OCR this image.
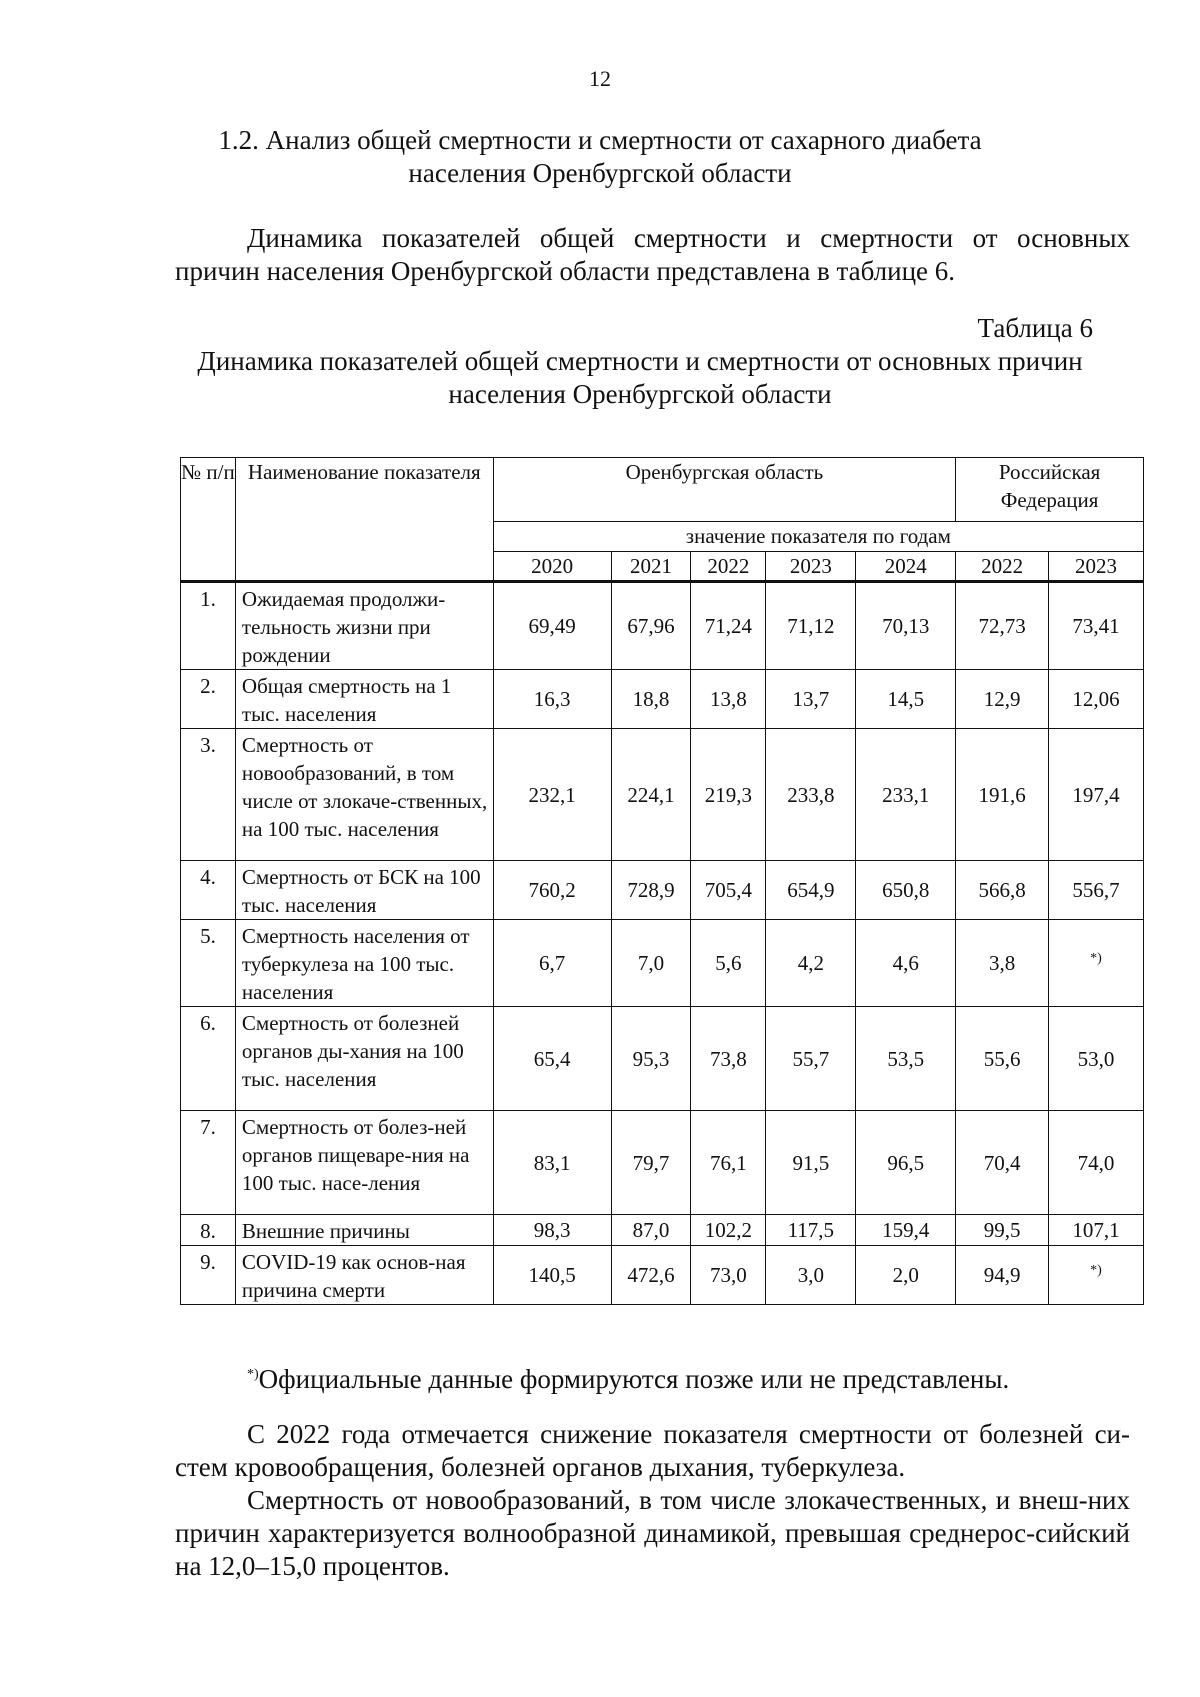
12
1.2. Анализ общей смертности и смертности от сахарного диабета
населения Оренбургской области

Динамика показателей общей смертности и смертности от основных причин населения Оренбургской области представлена в таблице 6.

Таблица 6
Динамика показателей общей смертности и смертности от основных причин
населения Оренбургской области
№ п/п	Наименование показателя	Оренбургская область					Российская Федерация	
		значение показателя по годам						
		2020	2021	2022	2023	2024	2022	2023
1.	Ожидаемая продолжи-тельность жизни при рождении	69,49	67,96	71,24	71,12	70,13	72,73	73,41
2.	Общая смертность на 1 тыс. населения	16,3	18,8	13,8	13,7	14,5	12,9	12,06
3.	Смертность от новообразований, в том числе от злокаче-ственных, на 100 тыс. населения	232,1	224,1	219,3	233,8	233,1	191,6	197,4
4.	Смертность от БСК на 100 тыс. населения	760,2	728,9	705,4	654,9	650,8	566,8	556,7
5.	Смертность населения от туберкулеза на 100 тыс. населения	6,7	7,0	5,6	4,2	4,6	3,8	*)
6.	Смертность от болезней органов ды-хания на 100 тыс. населения	65,4	95,3	73,8	55,7	53,5	55,6	53,0
7.	Смертность от болез-ней органов пищеваре-ния на 100 тыс. насе-ления	83,1	79,7	76,1	91,5	96,5	70,4	74,0
8.	Внешние причины	98,3	87,0	102,2	117,5	159,4	99,5	107,1
9.	COVID-19 как основ-ная причина смерти	140,5	472,6	73,0	3,0	2,0	94,9	*)
*)Официальные данные формируются позже или не представлены.

С 2022 года отмечается снижение показателя смертности от болезней си-стем кровообращения, болезней органов дыхания, туберкулеза.

Смертность от новообразований, в том числе злокачественных, и внеш-них причин характеризуется волнообразной динамикой, превышая среднерос-сийский на 12,0–15,0 процентов.
